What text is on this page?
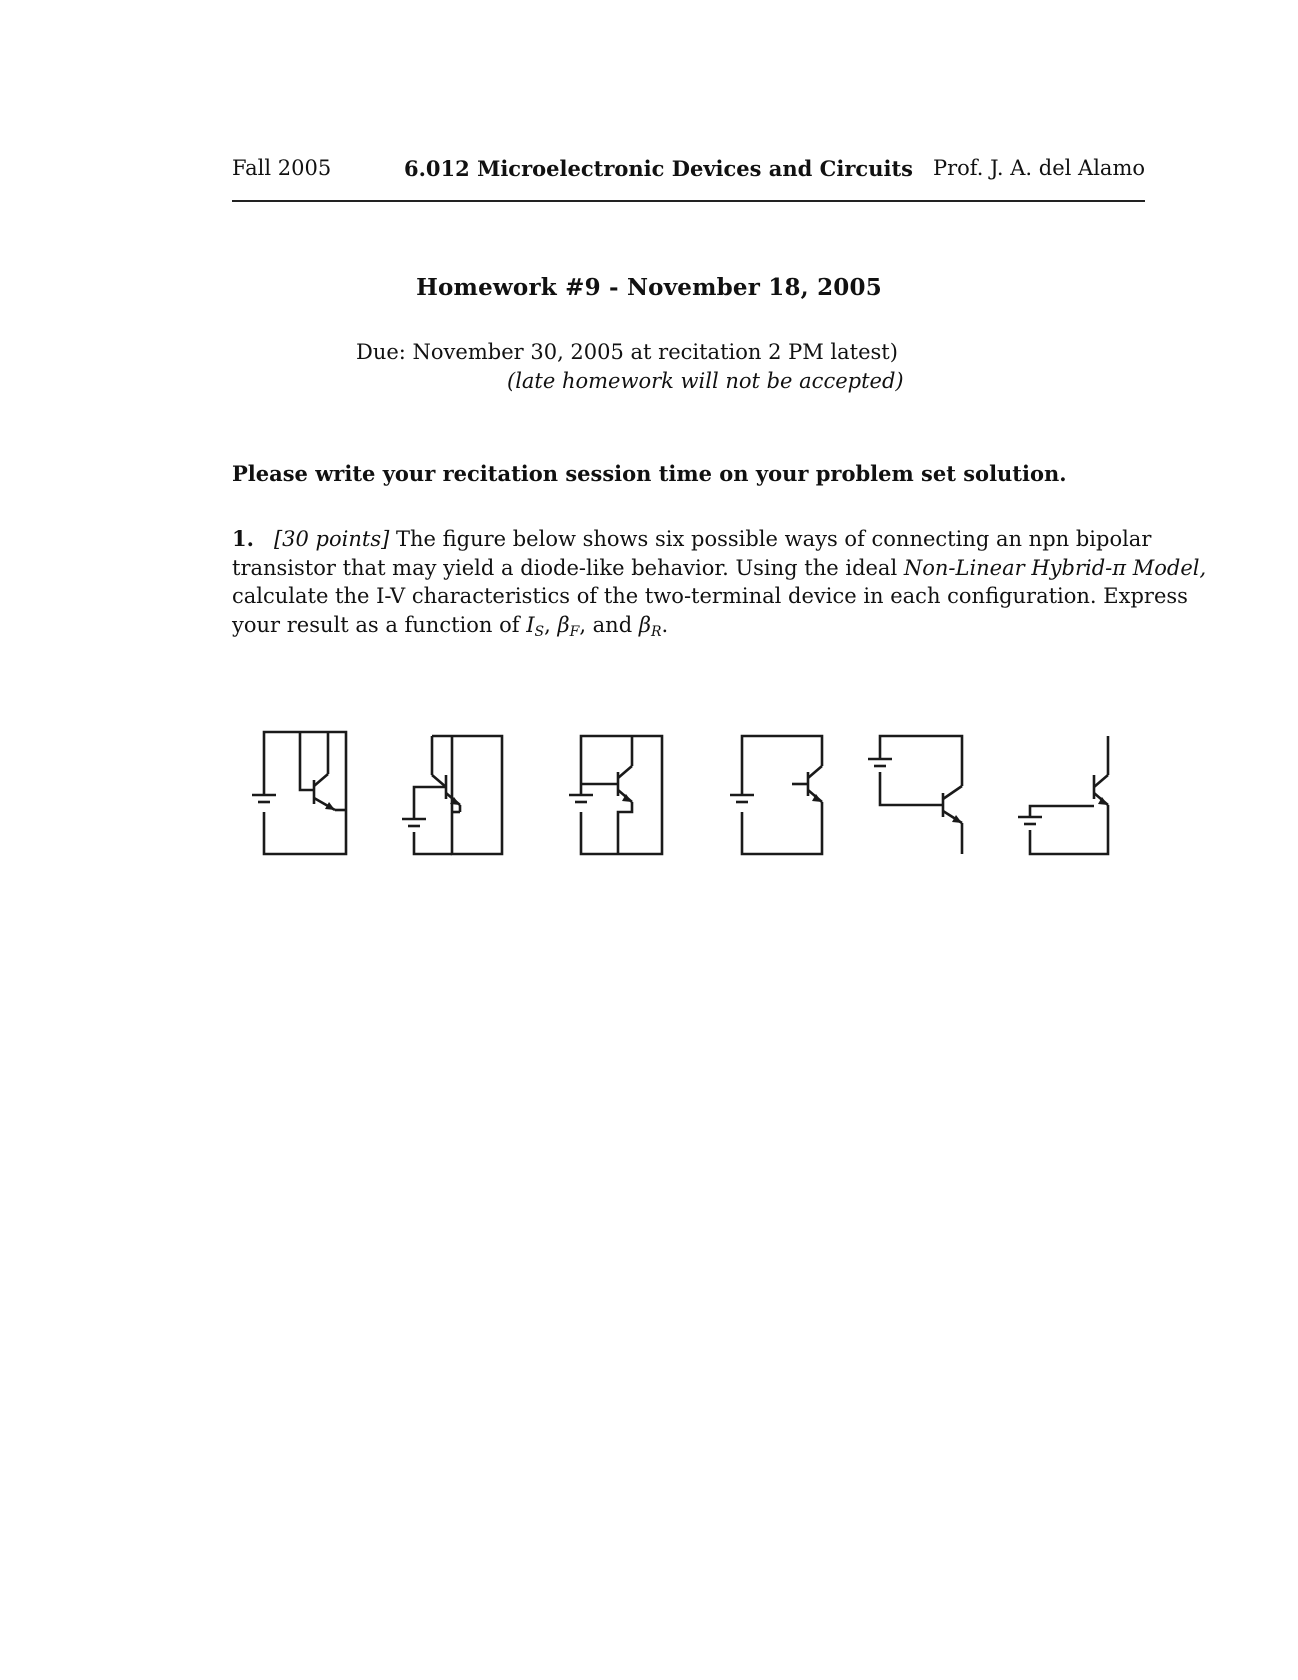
Fall 2005	6.012 Microelectronic Devices and Circuits Prof. J. A. del Alamo
Homework #9 - November 18, 2005
Due: November 30, 2005 at recitation 2 PM latest)
(late homework will not be accepted)
Please write your recitation session time on your problem set solution.
1. [30 points] The figure below shows six possible ways of connecting an npn bipolar
transistor that may yield a diode-like behavior. Using the ideal Non-Linear Hybrid-π Model,
calculate the I-V characteristics of the two-terminal device in each configuration. Express
your result as a function of $I_S$, $\beta_F$, and $\beta_R$.
